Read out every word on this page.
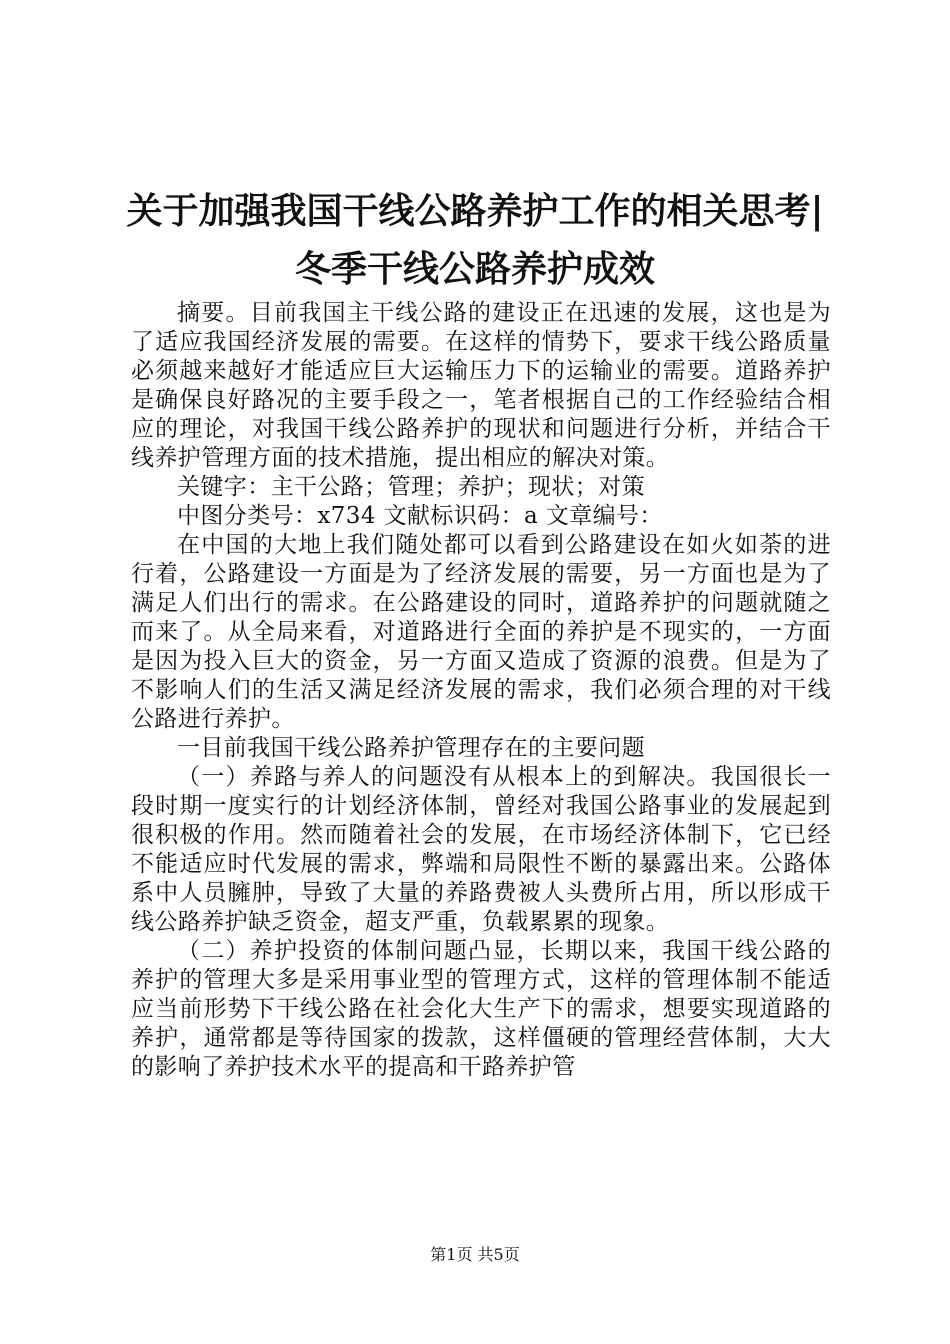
关于加强我国干线公路养护工作的相关思考|
冬季干线公路养护成效

摘要。目前我国主干线公路的建设正在迅速的发展，这也是为了适应我国经济发展的需要。在这样的情势下，要求干线公路质量必须越来越好才能适应巨大运输压力下的运输业的需要。道路养护是确保良好路况的主要手段之一，笔者根据自己的工作经验结合相应的理论，对我国干线公路养护的现状和问题进行分析，并结合干线养护管理方面的技术措施，提出相应的解决对策。

关键字：主干公路；管理；养护；现状；对策

中图分类号：x734 文献标识码：a 文章编号：

在中国的大地上我们随处都可以看到公路建设在如火如荼的进行着，公路建设一方面是为了经济发展的需要，另一方面也是为了满足人们出行的需求。在公路建设的同时，道路养护的问题就随之而来了。从全局来看，对道路进行全面的养护是不现实的，一方面是因为投入巨大的资金，另一方面又造成了资源的浪费。但是为了不影响人们的生活又满足经济发展的需求，我们必须合理的对干线公路进行养护。

一目前我国干线公路养护管理存在的主要问题

（一）养路与养人的问题没有从根本上的到解决。我国很长一段时期一度实行的计划经济体制，曾经对我国公路事业的发展起到很积极的作用。然而随着社会的发展，在市场经济体制下，它已经不能适应时代发展的需求，弊端和局限性不断的暴露出来。公路体系中人员臃肿，导致了大量的养路费被人头费所占用，所以形成干线公路养护缺乏资金，超支严重，负载累累的现象。

（二）养护投资的体制问题凸显，长期以来，我国干线公路的养护的管理大多是采用事业型的管理方式，这样的管理体制不能适应当前形势下干线公路在社会化大生产下的需求，想要实现道路的养护，通常都是等待国家的拨款，这样僵硬的管理经营体制，大大的影响了养护技术水平的提高和干路养护管

第1页 共5页
